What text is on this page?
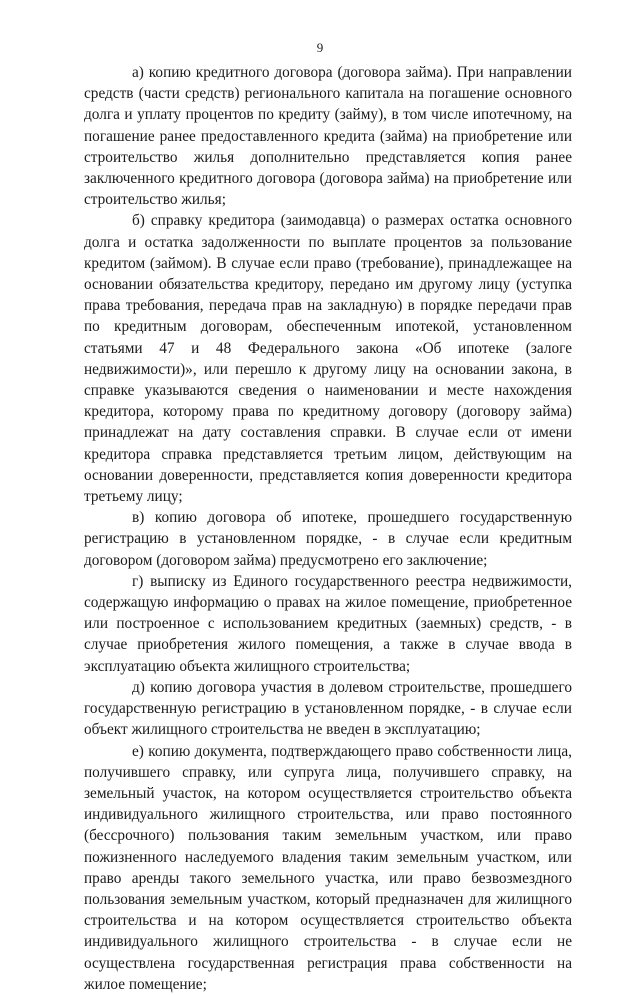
9

а) копию кредитного договора (договора займа). При направлении средств (части средств) регионального капитала на погашение основного долга и уплату процентов по кредиту (займу), в том числе ипотечному, на погашение ранее предоставленного кредита (займа) на приобретение или строительство жилья дополнительно представляется копия ранее заключенного кредитного договора (договора займа) на приобретение или строительство жилья;

б) справку кредитора (заимодавца) о размерах остатка основного долга и остатка задолженности по выплате процентов за пользование кредитом (займом). В случае если право (требование), принадлежащее на основании обязательства кредитору, передано им другому лицу (уступка права требования, передача прав на закладную) в порядке передачи прав по кредитным договорам, обеспеченным ипотекой, установленном статьями 47 и 48 Федерального закона «Об ипотеке (залоге недвижимости)», или перешло к другому лицу на основании закона, в справке указываются сведения о наименовании и месте нахождения кредитора, которому права по кредитному договору (договору займа) принадлежат на дату составления справки. В случае если от имени кредитора справка представляется третьим лицом, действующим на основании доверенности, представляется копия доверенности кредитора третьему лицу;

в) копию договора об ипотеке, прошедшего государственную регистрацию в установленном порядке, - в случае если кредитным договором (договором займа) предусмотрено его заключение;

г) выписку из Единого государственного реестра недвижимости, содержащую информацию о правах на жилое помещение, приобретенное или построенное с использованием кредитных (заемных) средств, - в случае приобретения жилого помещения, а также в случае ввода в эксплуатацию объекта жилищного строительства;

д) копию договора участия в долевом строительстве, прошедшего государственную регистрацию в установленном порядке, - в случае если объект жилищного строительства не введен в эксплуатацию;

е) копию документа, подтверждающего право собственности лица, получившего справку, или супруга лица, получившего справку, на земельный участок, на котором осуществляется строительство объекта индивидуального жилищного строительства, или право постоянного (бессрочного) пользования таким земельным участком, или право пожизненного наследуемого владения таким земельным участком, или право аренды такого земельного участка, или право безвозмездного пользования земельным участком, который предназначен для жилищного строительства и на котором осуществляется строительство объекта индивидуального жилищного строительства - в случае если не осуществлена государственная регистрация права собственности на жилое помещение;
